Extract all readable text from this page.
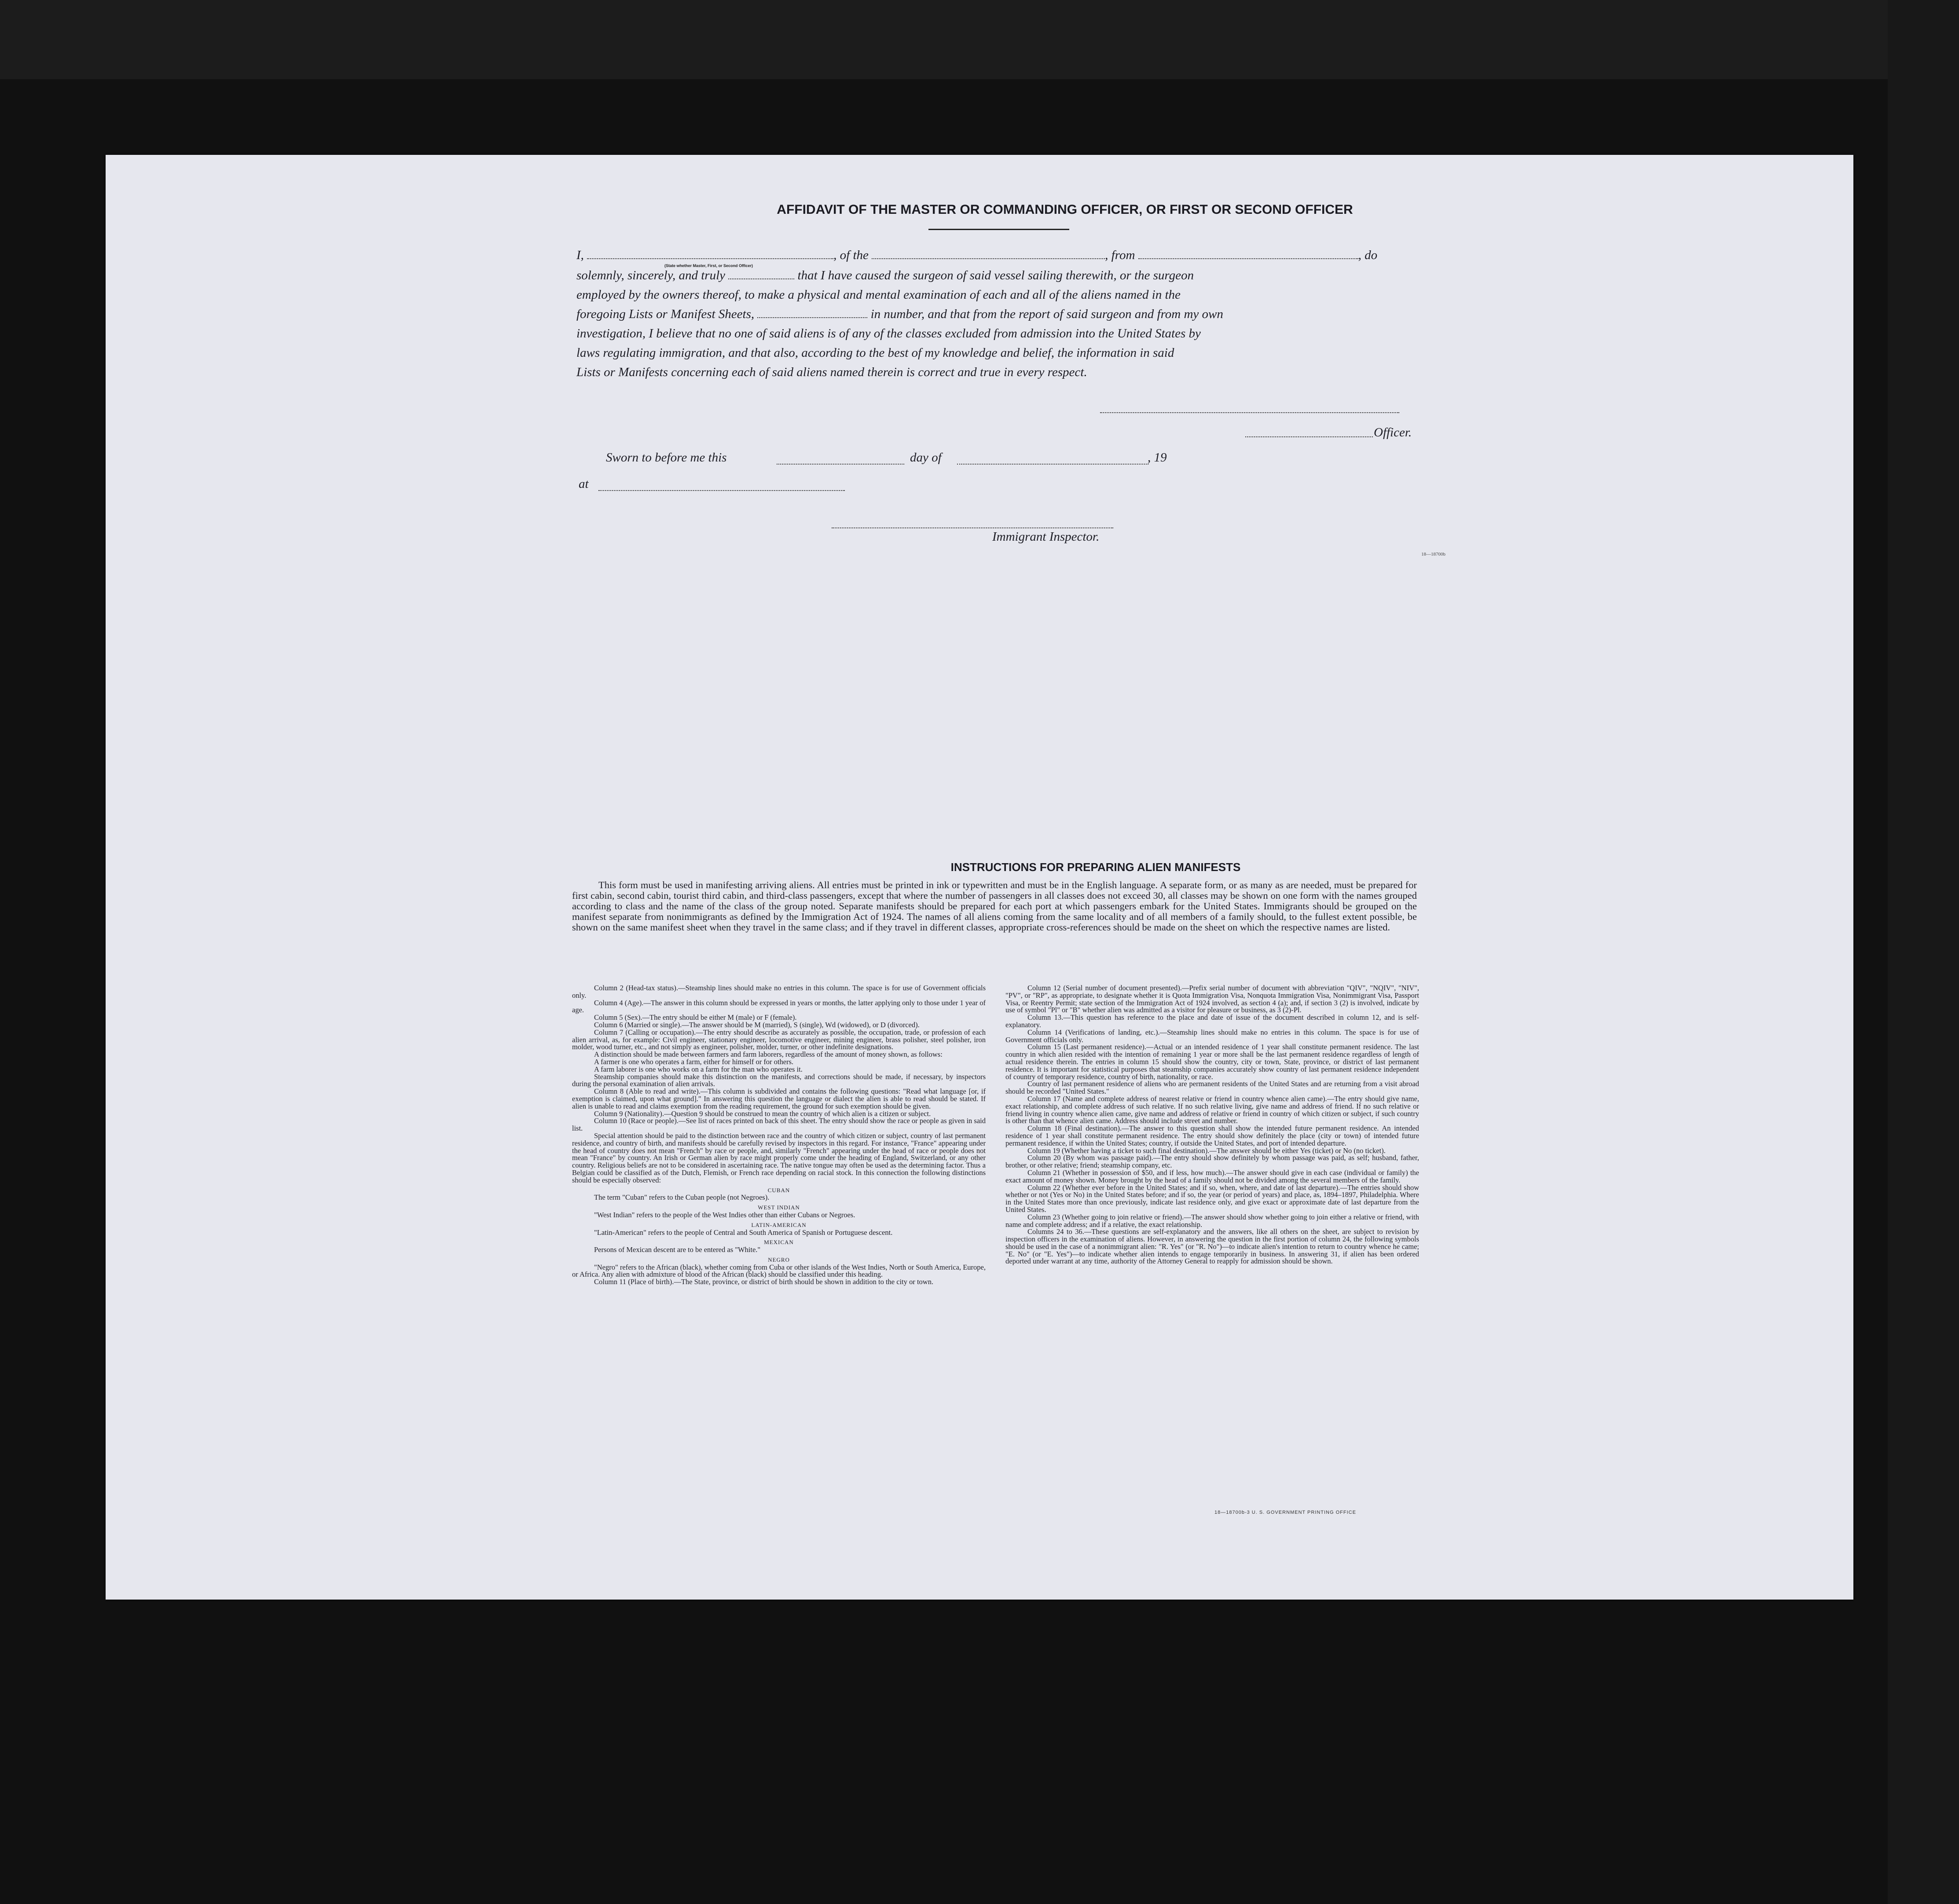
AFFIDAVIT OF THE MASTER OR COMMANDING OFFICER, OR FIRST OR SECOND OFFICER
I,	, of the	, from	, do
(State whether Master, First, or Second Officer)
solemnly, sincerely, and truly	that I have caused the surgeon of said vessel sailing therewith, or the surgeon
employed by the owners thereof, to make a physical and mental examination of each and all of the aliens named in the
foregoing Lists or Manifest Sheets,	in number, and that from the report of said surgeon and from my own
investigation, I believe that no one of said aliens is of any of the classes excluded from admission into the United States by
laws regulating immigration, and that also, according to the best of my knowledge and belief, the information in said
Lists or Manifests concerning each of said aliens named therein is correct and true in every respect.
Officer.
Sworn to before me this	day of	, 19
at
Immigrant Inspector.
18—18700b
INSTRUCTIONS FOR PREPARING ALIEN MANIFESTS
This form must be used in manifesting arriving aliens. All entries must be printed in ink or typewritten and must be in the English language. A separate form, or as many as are needed, must be prepared for first cabin, second cabin, tourist third cabin, and third-class passengers, except that where the number of passengers in all classes does not exceed 30, all classes may be shown on one form with the names grouped according to class and the name of the class of the group noted. Separate manifests should be prepared for each port at which passengers embark for the United States. Immigrants should be grouped on the manifest separate from nonimmigrants as defined by the Immigration Act of 1924. The names of all aliens coming from the same locality and of all members of a family should, to the fullest extent possible, be shown on the same manifest sheet when they travel in the same class; and if they travel in different classes, appropriate cross-references should be made on the sheet on which the respective names are listed.

Column 2 (Head-tax status).—Steamship lines should make no entries in this column. The space is for use of Government officials only.

Column 4 (Age).—The answer in this column should be expressed in years or months, the latter applying only to those under 1 year of age.

Column 5 (Sex).—The entry should be either M (male) or F (female).

Column 6 (Married or single).—The answer should be M (married), S (single), Wd (widowed), or D (divorced).

Column 7 (Calling or occupation).—The entry should describe as accurately as possible, the occupation, trade, or profession of each alien arrival, as, for example: Civil engineer, stationary engineer, locomotive engineer, mining engineer, brass polisher, steel polisher, iron molder, wood turner, etc., and not simply as engineer, polisher, molder, turner, or other indefinite designations.

A distinction should be made between farmers and farm laborers, regardless of the amount of money shown, as follows:

A farmer is one who operates a farm, either for himself or for others.

A farm laborer is one who works on a farm for the man who operates it.

Steamship companies should make this distinction on the manifests, and corrections should be made, if necessary, by inspectors during the personal examination of alien arrivals.

Column 8 (Able to read and write).—This column is subdivided and contains the following questions: "Read what language [or, if exemption is claimed, upon what ground]." In answering this question the language or dialect the alien is able to read should be stated. If alien is unable to read and claims exemption from the reading requirement, the ground for such exemption should be given.

Column 9 (Nationality).—Question 9 should be construed to mean the country of which alien is a citizen or subject.

Column 10 (Race or people).—See list of races printed on back of this sheet. The entry should show the race or people as given in said list.

Special attention should be paid to the distinction between race and the country of which citizen or subject, country of last permanent residence, and country of birth, and manifests should be carefully revised by inspectors in this regard. For instance, "France" appearing under the head of country does not mean "French" by race or people, and, similarly "French" appearing under the head of race or people does not mean "France" by country. An Irish or German alien by race might properly come under the heading of England, Switzerland, or any other country. Religious beliefs are not to be considered in ascertaining race. The native tongue may often be used as the determining factor. Thus a Belgian could be classified as of the Dutch, Flemish, or French race depending on racial stock. In this connection the following distinctions should be especially observed:

CUBAN

The term "Cuban" refers to the Cuban people (not Negroes).

WEST INDIAN

"West Indian" refers to the people of the West Indies other than either Cubans or Negroes.

LATIN-AMERICAN

"Latin-American" refers to the people of Central and South America of Spanish or Portuguese descent.

MEXICAN

Persons of Mexican descent are to be entered as "White."

NEGRO

"Negro" refers to the African (black), whether coming from Cuba or other islands of the West Indies, North or South America, Europe, or Africa. Any alien with admixture of blood of the African (black) should be classified under this heading.

Column 11 (Place of birth).—The State, province, or district of birth should be shown in addition to the city or town.

Column 12 (Serial number of document presented).—Prefix serial number of document with abbreviation "QIV", "NQIV", "NIV", "PV", or "RP", as appropriate, to designate whether it is Quota Immigration Visa, Nonquota Immigration Visa, Nonimmigrant Visa, Passport Visa, or Reentry Permit; state section of the Immigration Act of 1924 involved, as section 4 (a); and, if section 3 (2) is involved, indicate by use of symbol "Pl" or "B" whether alien was admitted as a visitor for pleasure or business, as 3 (2)-Pl.

Column 13.—This question has reference to the place and date of issue of the document described in column 12, and is self-explanatory.

Column 14 (Verifications of landing, etc.).—Steamship lines should make no entries in this column. The space is for use of Government officials only.

Column 15 (Last permanent residence).—Actual or an intended residence of 1 year shall constitute permanent residence. The last country in which alien resided with the intention of remaining 1 year or more shall be the last permanent residence regardless of length of actual residence therein. The entries in column 15 should show the country, city or town, State, province, or district of last permanent residence. It is important for statistical purposes that steamship companies accurately show country of last permanent residence independent of country of temporary residence, country of birth, nationality, or race.

Country of last permanent residence of aliens who are permanent residents of the United States and are returning from a visit abroad should be recorded "United States."

Column 17 (Name and complete address of nearest relative or friend in country whence alien came).—The entry should give name, exact relationship, and complete address of such relative. If no such relative living, give name and address of friend. If no such relative or friend living in country whence alien came, give name and address of relative or friend in country of which citizen or subject, if such country is other than that whence alien came. Address should include street and number.

Column 18 (Final destination).—The answer to this question shall show the intended future permanent residence. An intended residence of 1 year shall constitute permanent residence. The entry should show definitely the place (city or town) of intended future permanent residence, if within the United States; country, if outside the United States, and port of intended departure.

Column 19 (Whether having a ticket to such final destination).—The answer should be either Yes (ticket) or No (no ticket).

Column 20 (By whom was passage paid).—The entry should show definitely by whom passage was paid, as self; husband, father, brother, or other relative; friend; steamship company, etc.

Column 21 (Whether in possession of $50, and if less, how much).—The answer should give in each case (individual or family) the exact amount of money shown. Money brought by the head of a family should not be divided among the several members of the family.

Column 22 (Whether ever before in the United States; and if so, when, where, and date of last departure).—The entries should show whether or not (Yes or No) in the United States before; and if so, the year (or period of years) and place, as, 1894–1897, Philadelphia. Where in the United States more than once previously, indicate last residence only, and give exact or approximate date of last departure from the United States.

Column 23 (Whether going to join relative or friend).—The answer should show whether going to join either a relative or friend, with name and complete address; and if a relative, the exact relationship.

Columns 24 to 36.—These questions are self-explanatory and the answers, like all others on the sheet, are subject to revision by inspection officers in the examination of aliens. However, in answering the question in the first portion of column 24, the following symbols should be used in the case of a nonimmigrant alien: "R. Yes" (or "R. No")—to indicate alien's intention to return to country whence he came; "E. No" (or "E. Yes")—to indicate whether alien intends to engage temporarily in business. In answering 31, if alien has been ordered deported under warrant at any time, authority of the Attorney General to reapply for admission should be shown.

18—18700b-3 U. S. GOVERNMENT PRINTING OFFICE
